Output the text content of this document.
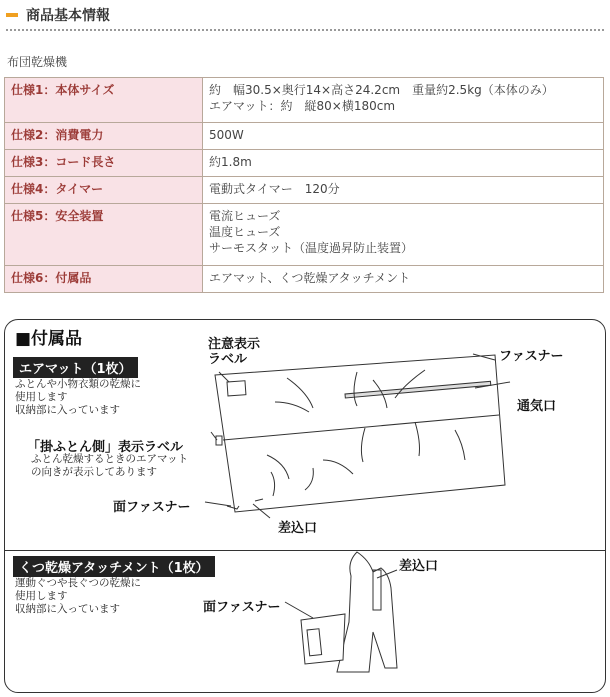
商品基本情報
布団乾燥機
仕様1：本体サイズ	約　幅30.5×奥行14×高さ24.2cm　重量約2.5kg（本体のみ）
エアマット：約　縦80×横180cm

仕様2：消費電力	500W

仕様3：コード長さ	約1.8m

仕様4：タイマー	電動式タイマー　120分

仕様5：安全装置	電流ヒューズ
温度ヒューズ
サーモスタット（温度過昇防止装置）

仕様6：付属品	エアマット、くつ乾燥アタッチメント
■付属品
エアマット（1枚）
ふとんや小物衣類の乾燥に
使用します
収納部に入っています
注意表示
ラベル	ファスナー
通気口
「掛ふとん側」表示ラベル
ふとん乾燥するときのエアマット
の向きが表示してあります
面ファスナー
差込口
くつ乾燥アタッチメント（1枚）
運動ぐつや長ぐつの乾燥に
使用します
収納部に入っています
差込口
面ファスナー
